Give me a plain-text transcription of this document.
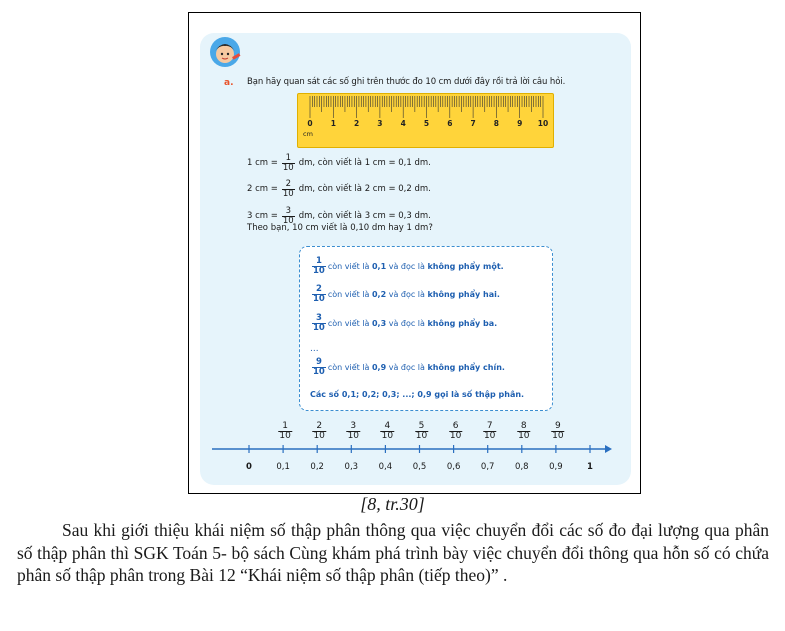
a. Bạn hãy quan sát các số ghi trên thước đo 10 cm dưới đây rồi trả lời câu hỏi.
0 1 2 3 4 5 6 7 8 9 10
cm
1 cm = $\frac{1}{10}$ dm, còn viết là 1 cm = 0,1 dm.
2 cm = $\frac{2}{10}$ dm, còn viết là 2 cm = 0,2 dm.
3 cm = $\frac{3}{10}$ dm, còn viết là 3 cm = 0,3 dm.
Theo bạn, 10 cm viết là 0,10 dm hay 1 dm?
$\frac{1}{10}$ còn viết là
0,1
và đọc là
không phẩy một.
$\frac{2}{10}$ còn viết là
0,2
và đọc là
không phẩy hai.
$\frac{3}{10}$ còn viết là
0,3
và đọc là
không phẩy ba.
...
$\frac{9}{10}$ còn viết là
0,9
và đọc là
không phẩy chín.
Các số 0,1; 0,2; 0,3; ...; 0,9 gọi là số thập phân.
$\frac{1}{10} \frac{2}{10} \frac{3}{10} \frac{4}{10} \frac{5}{10} \frac{6}{10} \frac{7}{10} \frac{8}{10} \frac{9}{10}$
0	0,1 0,2 0,3 0,4 0,5 0,6 0,7 0,8 0,9	1
[8, tr.30]

Sau khi giới thiệu khái niệm số thập phân thông qua việc chuyển đổi các số đo đại lượng qua phân số thập phân thì SGK Toán 5- bộ sách Cùng khám phá trình bày việc chuyển đổi thông qua hỗn số có chứa phân số thập phân trong Bài 12 “Khái niệm số thập phân (tiếp theo)” .
